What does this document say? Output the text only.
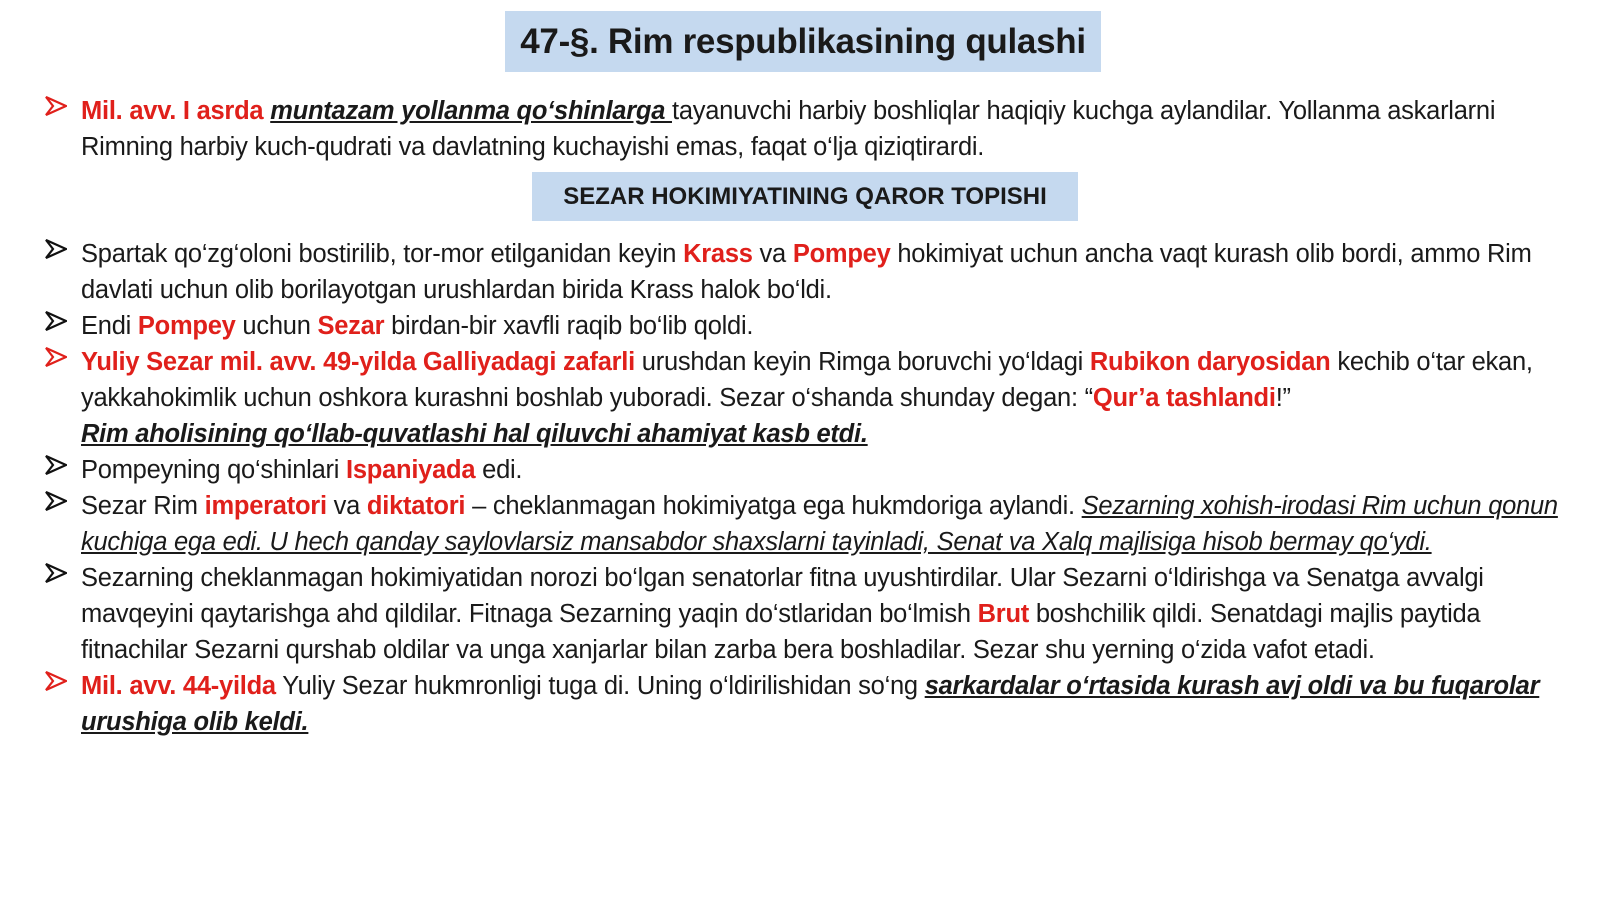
47-§. Rim respublikasining qulashi
Mil. avv. I asrda muntazam yollanma qo‘shinlarga tayanuvchi harbiy boshliqlar haqiqiy kuchga aylandilar. Yollanma askarlarni Rimning harbiy kuch-qudrati va davlatning kuchayishi emas, faqat o‘lja qiziqtirardi.
SEZAR HOKIMIYATINING QAROR TOPISHI
Spartak qo‘zg‘oloni bostirilib, tor-mor etilganidan keyin Krass va Pompey hokimiyat uchun ancha vaqt kurash olib bordi, ammo Rim davlati uchun olib borilayotgan urushlardan birida Krass halok bo‘ldi.
Endi Pompey uchun Sezar birdan-bir xavfli raqib bo‘lib qoldi.
Yuliy Sezar mil. avv. 49-yilda Galliyadagi zafarli urushdan keyin Rimga boruvchi yo‘ldagi Rubikon daryosidan kechib o‘tar ekan, yakkahokimlik uchun oshkora kurashni boshlab yuboradi. Sezar o‘shanda shunday degan: “Qur’a tashlandi!”
Rim aholisining qo‘llab-quvatlashi hal qiluvchi ahamiyat kasb etdi.
Pompeyning qo‘shinlari Ispaniyada edi.
Sezar Rim imperatori va diktatori – cheklanmagan hokimiyatga ega hukmdoriga aylandi. Sezarning xohish-irodasi Rim uchun qonun kuchiga ega edi. U hech qanday saylovlarsiz mansabdor shaxslarni tayinladi, Senat va Xalq majlisiga hisob bermay qo‘ydi.
Sezarning cheklanmagan hokimiyatidan norozi bo‘lgan senatorlar fitna uyushtirdilar. Ular Sezarni o‘ldirishga va Senatga avvalgi mavqeyini qaytarishga ahd qildilar. Fitnaga Sezarning yaqin do‘stlaridan bo‘lmish Brut boshchilik qildi. Senatdagi majlis paytida fitnachilar Sezarni qurshab oldilar va unga xanjarlar bilan zarba bera boshladilar. Sezar shu yerning o‘zida vafot etadi.
Mil. avv. 44-yilda Yuliy Sezar hukmronligi tuga di. Uning o‘ldirilishidan so‘ng sarkardalar o‘rtasida kurash avj oldi va bu fuqarolar urushiga olib keldi.
